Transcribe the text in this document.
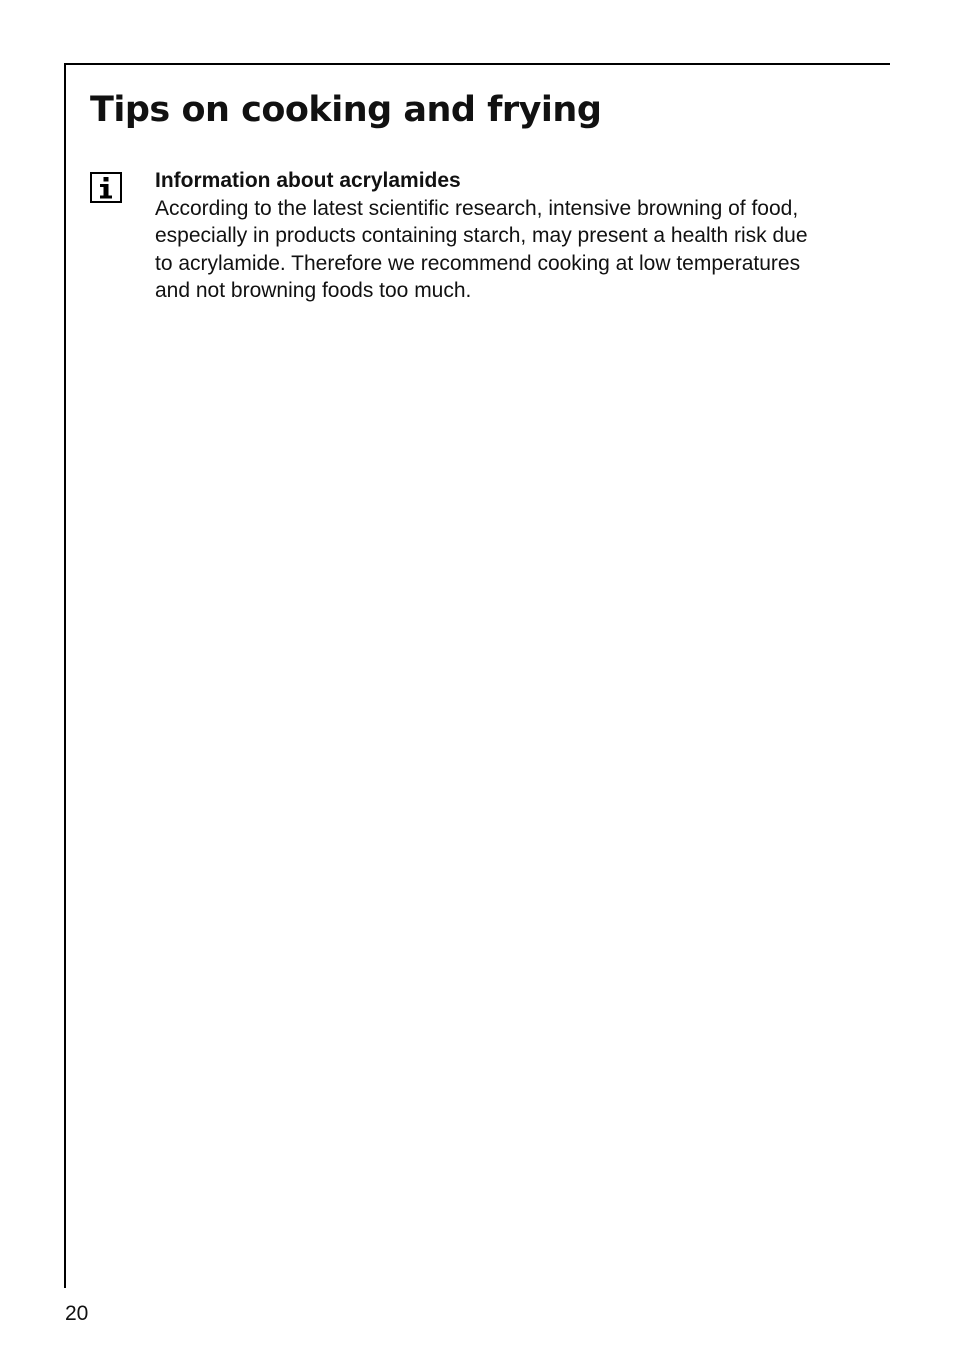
Tips on cooking and frying

Information about acrylamides

According to the latest scientific research, intensive browning of food,

especially in products containing starch, may present a health risk due

to acrylamide. Therefore we recommend cooking at low temperatures

and not browning foods too much.

20
